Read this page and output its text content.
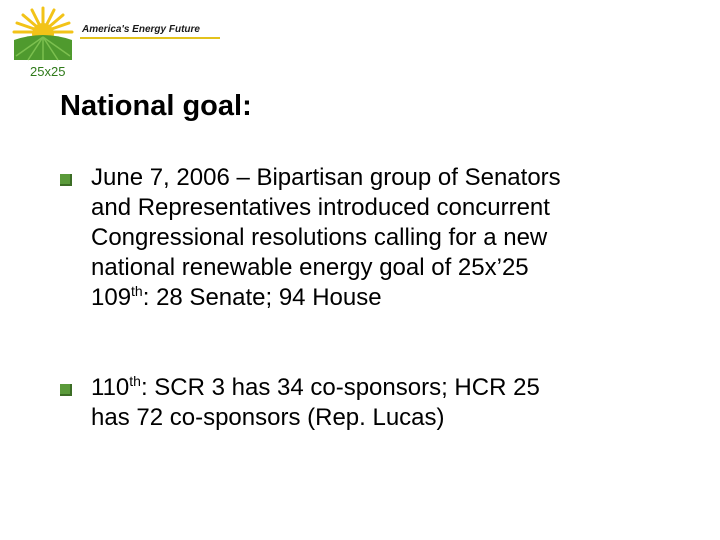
25x25
America's Energy Future
National goal:
June 7, 2006 – Bipartisan group of Senators
and Representatives introduced concurrent
Congressional resolutions calling for a new
national renewable energy goal of 25x’25
109th: 28 Senate; 94 House
110th: SCR 3 has 34 co-sponsors; HCR 25
has 72 co-sponsors (Rep. Lucas)
